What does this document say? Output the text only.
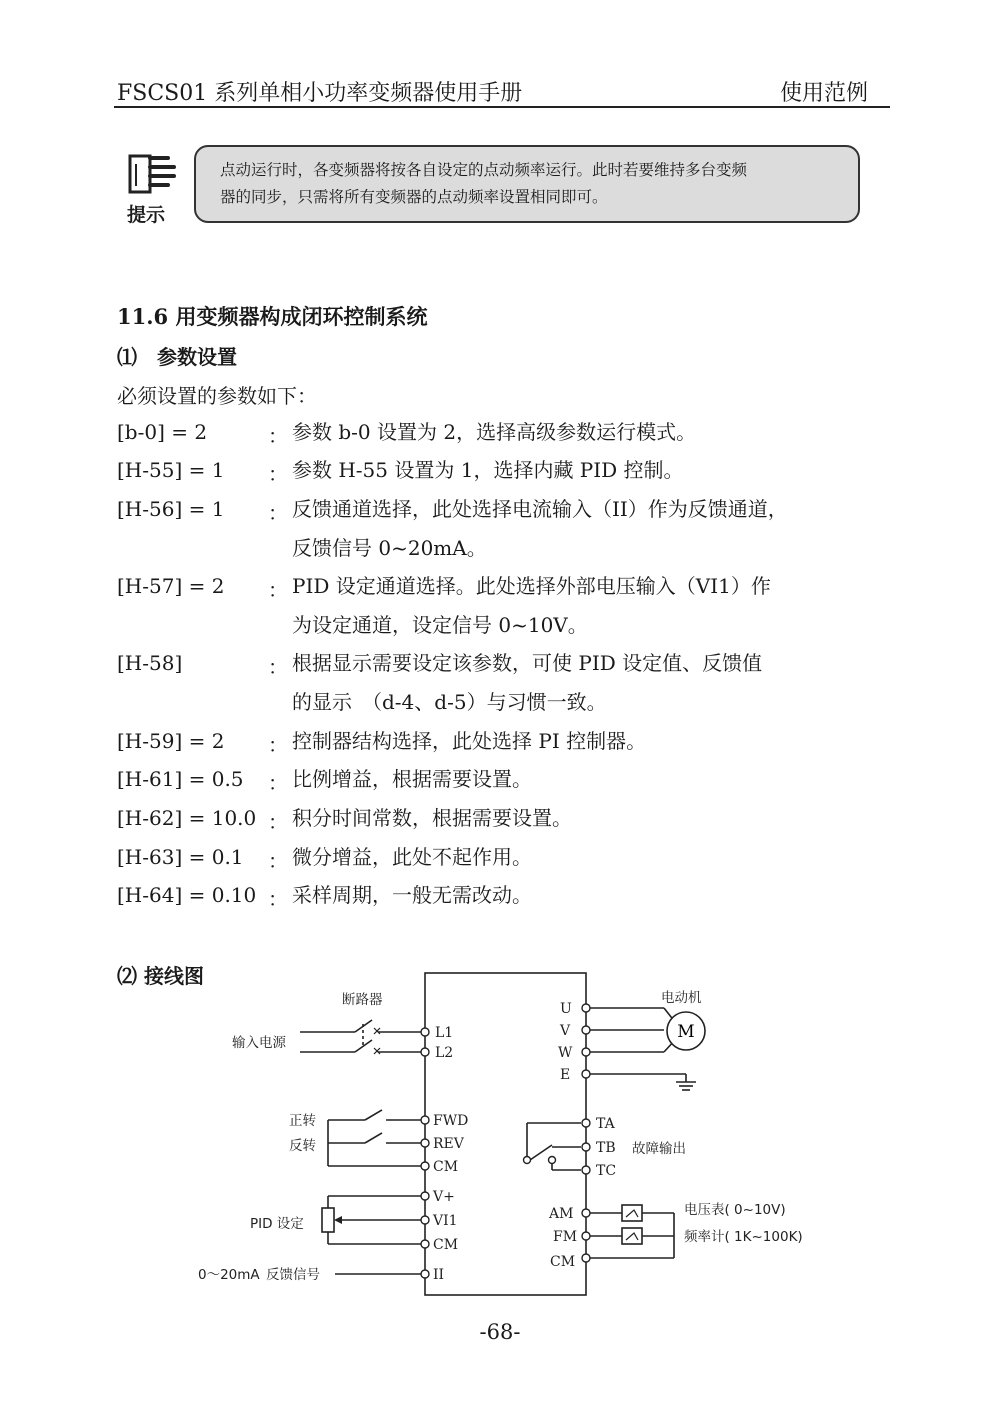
FSCS01 系列单相小功率变频器使用手册	使用范例
提示
点动运行时，各变频器将按各自设定的点动频率运行。此时若要维持多台变频
器的同步，只需将所有变频器的点动频率设置相同即可。
11.6 用变频器构成闭环控制系统
⑴　参数设置
必须设置的参数如下：
[b-0] = 2	： 参数 b-0 设置为 2，选择高级参数运行模式。
[H-55] = 1 ： 参数 H-55 设置为 1，选择内藏 PID 控制。
[H-56] = 1 ： 反馈通道选择，此处选择电流输入（II）作为反馈通道，
反馈信号 0~20mA。
[H-57] = 2 ： PID 设定通道选择。此处选择外部电压输入（VI1）作
为设定通道，设定信号 0~10V。
[H-58]	： 根据显示需要设定该参数，可使 PID 设定值、反馈值
的显示　（d-4、d-5）与习惯一致。
[H-59] = 2 ： 控制器结构选择，此处选择 PI 控制器。
[H-61] = 0.5 ： 比例增益，根据需要设置。
[H-62] = 10.0 ： 积分时间常数，根据需要设置。
[H-63] = 0.1 ： 微分增益，此处不起作用。
[H-64] = 0.10 ： 采样周期，一般无需改动。
⑵ 接线图
M
L1
L2
FWD
REV
CM
V+
VI1
CM
II
U
V
W
E
TA
TB
TC
AM
FM
CM
断路器
输入电源
电动机
正转
反转
PID 设定
0～20mA 反馈信号
故障输出
电压表( 0~10V)
频率计( 1K~100K)
-68-
